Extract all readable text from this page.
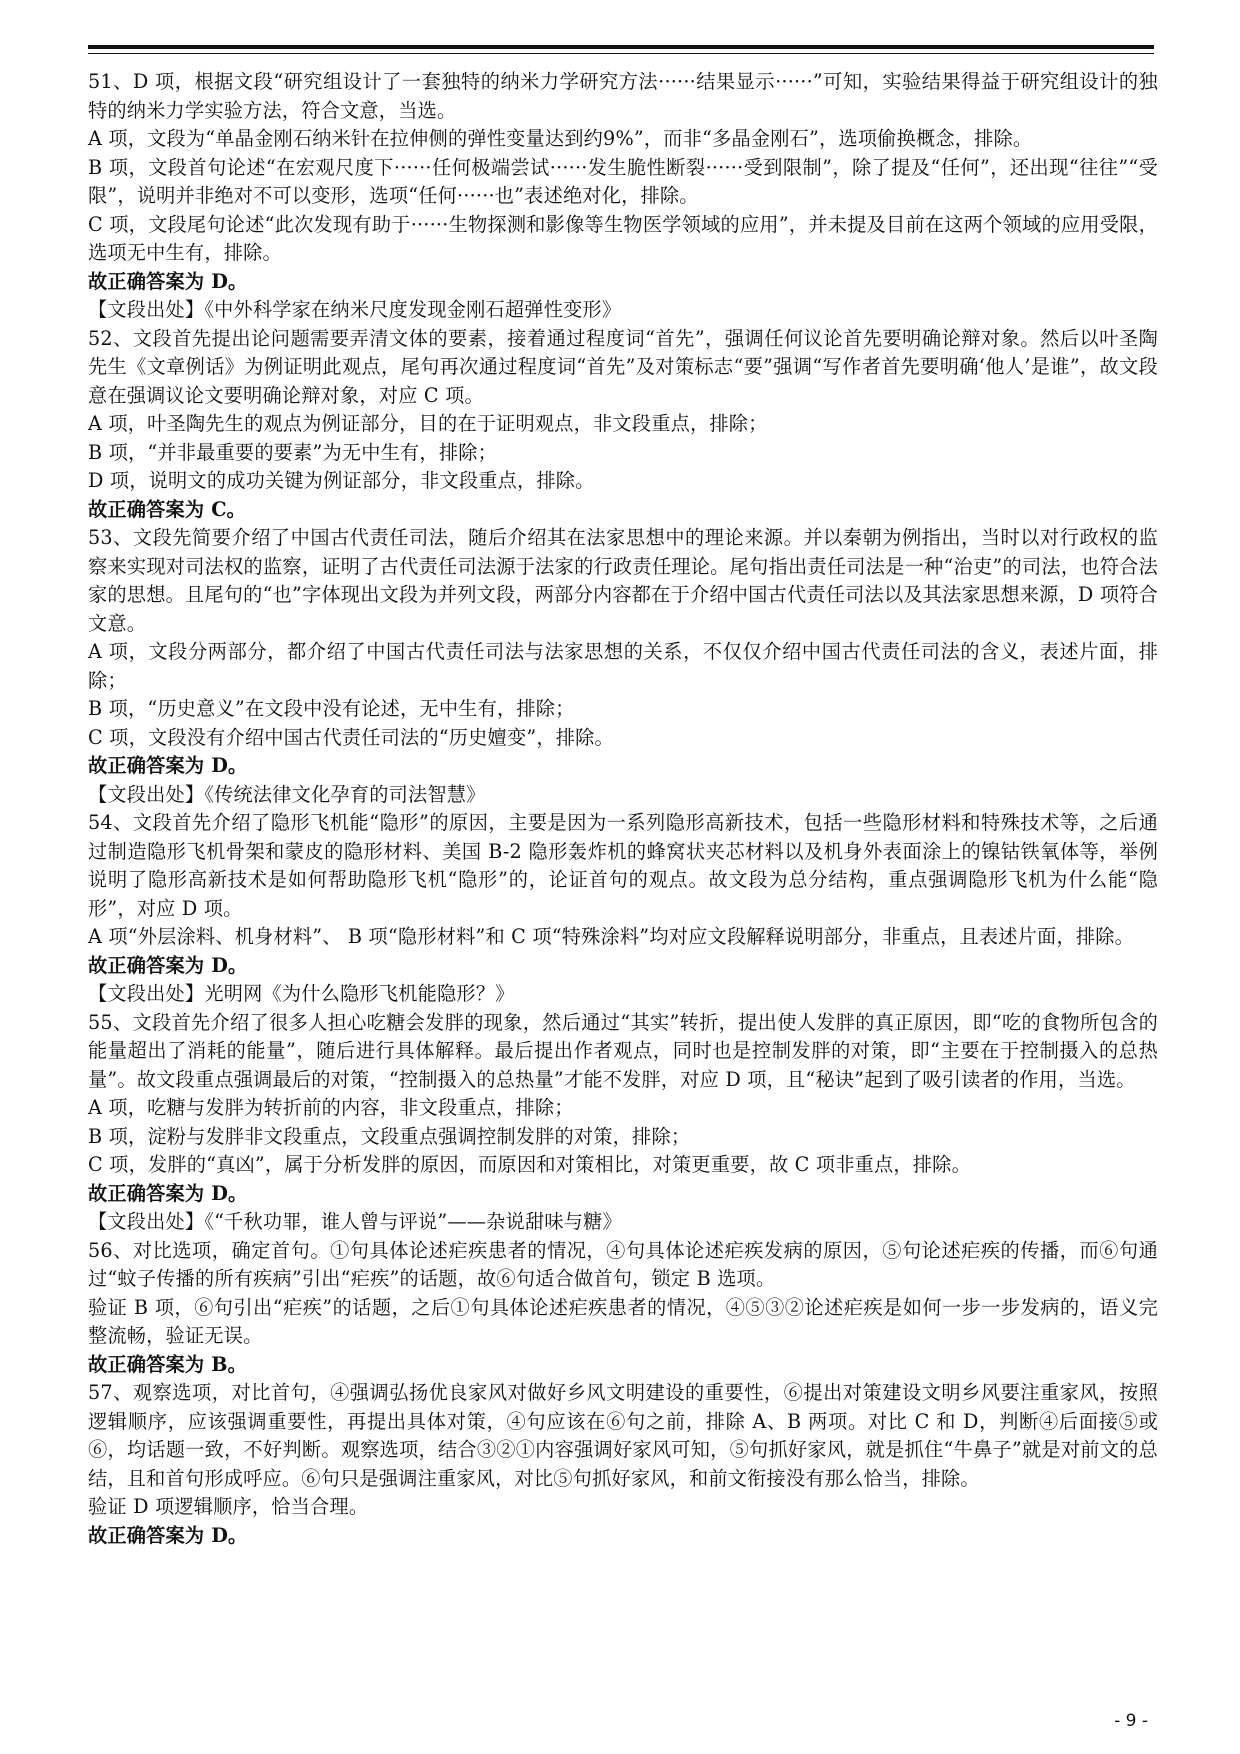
51、D 项，根据文段“研究组设计了一套独特的纳米力学研究方法······结果显示······”可知，实验结果得益于研究组设计的独特的纳米力学实验方法，符合文意，当选。

A 项，文段为“单晶金刚石纳米针在拉伸侧的弹性变量达到约9%”，而非“多晶金刚石”，选项偷换概念，排除。

B 项，文段首句论述“在宏观尺度下······任何极端尝试······发生脆性断裂······受到限制”，除了提及“任何”，还出现“往往”“受限”，说明并非绝对不可以变形，选项“任何······也”表述绝对化，排除。

C 项，文段尾句论述“此次发现有助于······生物探测和影像等生物医学领域的应用”，并未提及目前在这两个领域的应用受限，选项无中生有，排除。

故正确答案为 D。

【文段出处】《中外科学家在纳米尺度发现金刚石超弹性变形》

52、文段首先提出论问题需要弄清文体的要素，接着通过程度词“首先”，强调任何议论首先要明确论辩对象。然后以叶圣陶先生《文章例话》为例证明此观点，尾句再次通过程度词“首先”及对策标志“要”强调“写作者首先要明确‘他人’是谁”，故文段意在强调议论文要明确论辩对象，对应 C 项。

A 项，叶圣陶先生的观点为例证部分，目的在于证明观点，非文段重点，排除；

B 项，“并非最重要的要素”为无中生有，排除；

D 项，说明文的成功关键为例证部分，非文段重点，排除。

故正确答案为 C。

53、文段先简要介绍了中国古代责任司法，随后介绍其在法家思想中的理论来源。并以秦朝为例指出，当时以对行政权的监察来实现对司法权的监察，证明了古代责任司法源于法家的行政责任理论。尾句指出责任司法是一种“治吏”的司法，也符合法家的思想。且尾句的“也”字体现出文段为并列文段，两部分内容都在于介绍中国古代责任司法以及其法家思想来源，D 项符合文意。

A 项，文段分两部分，都介绍了中国古代责任司法与法家思想的关系，不仅仅介绍中国古代责任司法的含义，表述片面，排除；

B 项，“历史意义”在文段中没有论述，无中生有，排除；

C 项，文段没有介绍中国古代责任司法的“历史嬗变”，排除。

故正确答案为 D。

【文段出处】《传统法律文化孕育的司法智慧》

54、文段首先介绍了隐形飞机能“隐形”的原因，主要是因为一系列隐形高新技术，包括一些隐形材料和特殊技术等，之后通过制造隐形飞机骨架和蒙皮的隐形材料、美国 B-2 隐形轰炸机的蜂窝状夹芯材料以及机身外表面涂上的镍钴铁氧体等，举例说明了隐形高新技术是如何帮助隐形飞机“隐形”的，论证首句的观点。故文段为总分结构，重点强调隐形飞机为什么能“隐形”，对应 D 项。

A 项“外层涂料、机身材料”、 B 项“隐形材料”和 C 项“特殊涂料”均对应文段解释说明部分，非重点，且表述片面，排除。

故正确答案为 D。

【文段出处】光明网《为什么隐形飞机能隐形？》

55、文段首先介绍了很多人担心吃糖会发胖的现象，然后通过“其实”转折，提出使人发胖的真正原因，即“吃的食物所包含的能量超出了消耗的能量”，随后进行具体解释。最后提出作者观点，同时也是控制发胖的对策，即“主要在于控制摄入的总热量”。故文段重点强调最后的对策，“控制摄入的总热量”才能不发胖，对应 D 项，且“秘诀”起到了吸引读者的作用，当选。

A 项，吃糖与发胖为转折前的内容，非文段重点，排除；

B 项，淀粉与发胖非文段重点，文段重点强调控制发胖的对策，排除；

C 项，发胖的“真凶”，属于分析发胖的原因，而原因和对策相比，对策更重要，故 C 项非重点，排除。

故正确答案为 D。

【文段出处】《“千秋功罪，谁人曾与评说”——杂说甜味与糖》

56、对比选项，确定首句。①句具体论述疟疾患者的情况，④句具体论述疟疾发病的原因，⑤句论述疟疾的传播，而⑥句通过“蚊子传播的所有疾病”引出“疟疾”的话题，故⑥句适合做首句，锁定 B 选项。

验证 B 项，⑥句引出“疟疾”的话题，之后①句具体论述疟疾患者的情况，④⑤③②论述疟疾是如何一步一步发病的，语义完整流畅，验证无误。

故正确答案为 B。

57、观察选项，对比首句，④强调弘扬优良家风对做好乡风文明建设的重要性，⑥提出对策建设文明乡风要注重家风，按照逻辑顺序，应该强调重要性，再提出具体对策，④句应该在⑥句之前，排除 A、B 两项。对比 C 和 D，判断④后面接⑤或⑥，均话题一致，不好判断。观察选项，结合③②①内容强调好家风可知，⑤句抓好家风，就是抓住“牛鼻子”就是对前文的总结，且和首句形成呼应。⑥句只是强调注重家风，对比⑤句抓好家风，和前文衔接没有那么恰当，排除。

验证 D 项逻辑顺序，恰当合理。

故正确答案为 D。

- 9 -
